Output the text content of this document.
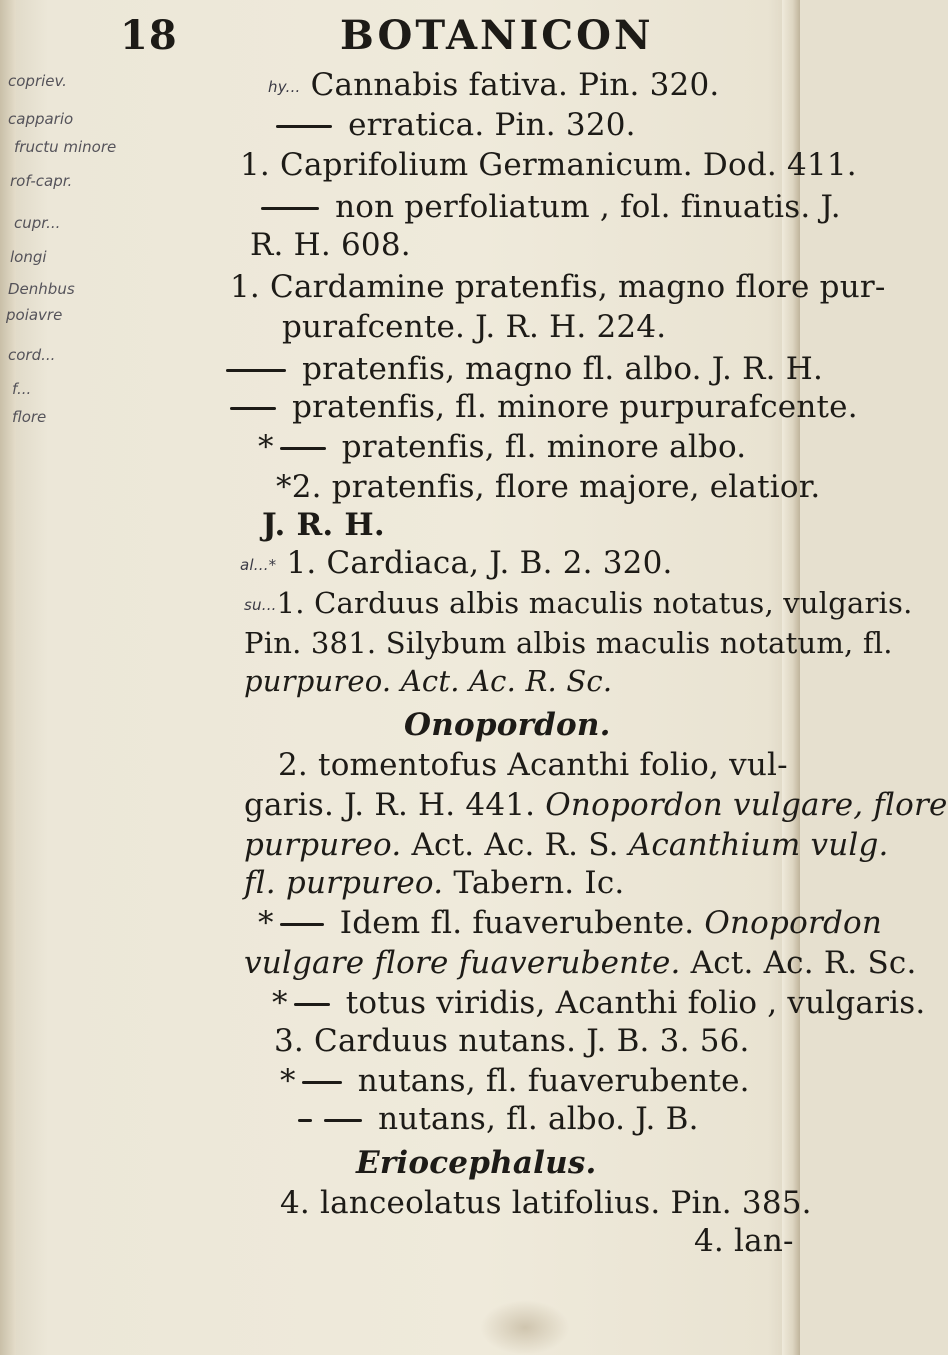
18	BOTANICON
copriev.
cappario
fructu minore
rof-capr.
cupr...
longi
Denhbus
poiavre
cord...
f...
flore
hy... Cannabis fativa. Pin. 320.
erratica. Pin. 320.
1. Caprifolium Germanicum. Dod. 411.
non perfoliatum , fol. finuatis. J.
R. H. 608.
1. Cardamine pratenfis, magno flore pur-
purafcente. J. R. H. 224.
pratenfis, magno fl. albo. J. R. H.
pratenfis, fl. minore purpurafcente.
* pratenfis, fl. minore albo.
*2. pratenfis, flore majore, elatior.
J. R. H.
al...* 1. Cardiaca, J. B. 2. 320.
su...1. Carduus albis maculis notatus, vulgaris.
Pin. 381. Silybum albis maculis notatum, fl.
purpureo. Act. Ac. R. Sc.
Onopordon.
2. tomentofus Acanthi folio, vul-
garis. J. R. H. 441. Onopordon vulgare, flore
purpureo. Act. Ac. R. S. Acanthium vulg.
fl. purpureo. Tabern. Ic.
* Idem fl. fuaverubente. Onopordon
vulgare flore fuaverubente. Act. Ac. R. Sc.
* totus viridis, Acanthi folio , vulgaris.
3. Carduus nutans. J. B. 3. 56.
* nutans, fl. fuaverubente.
nutans, fl. albo. J. B.
Eriocephalus.
4. lanceolatus latifolius. Pin. 385.
4. lan-
